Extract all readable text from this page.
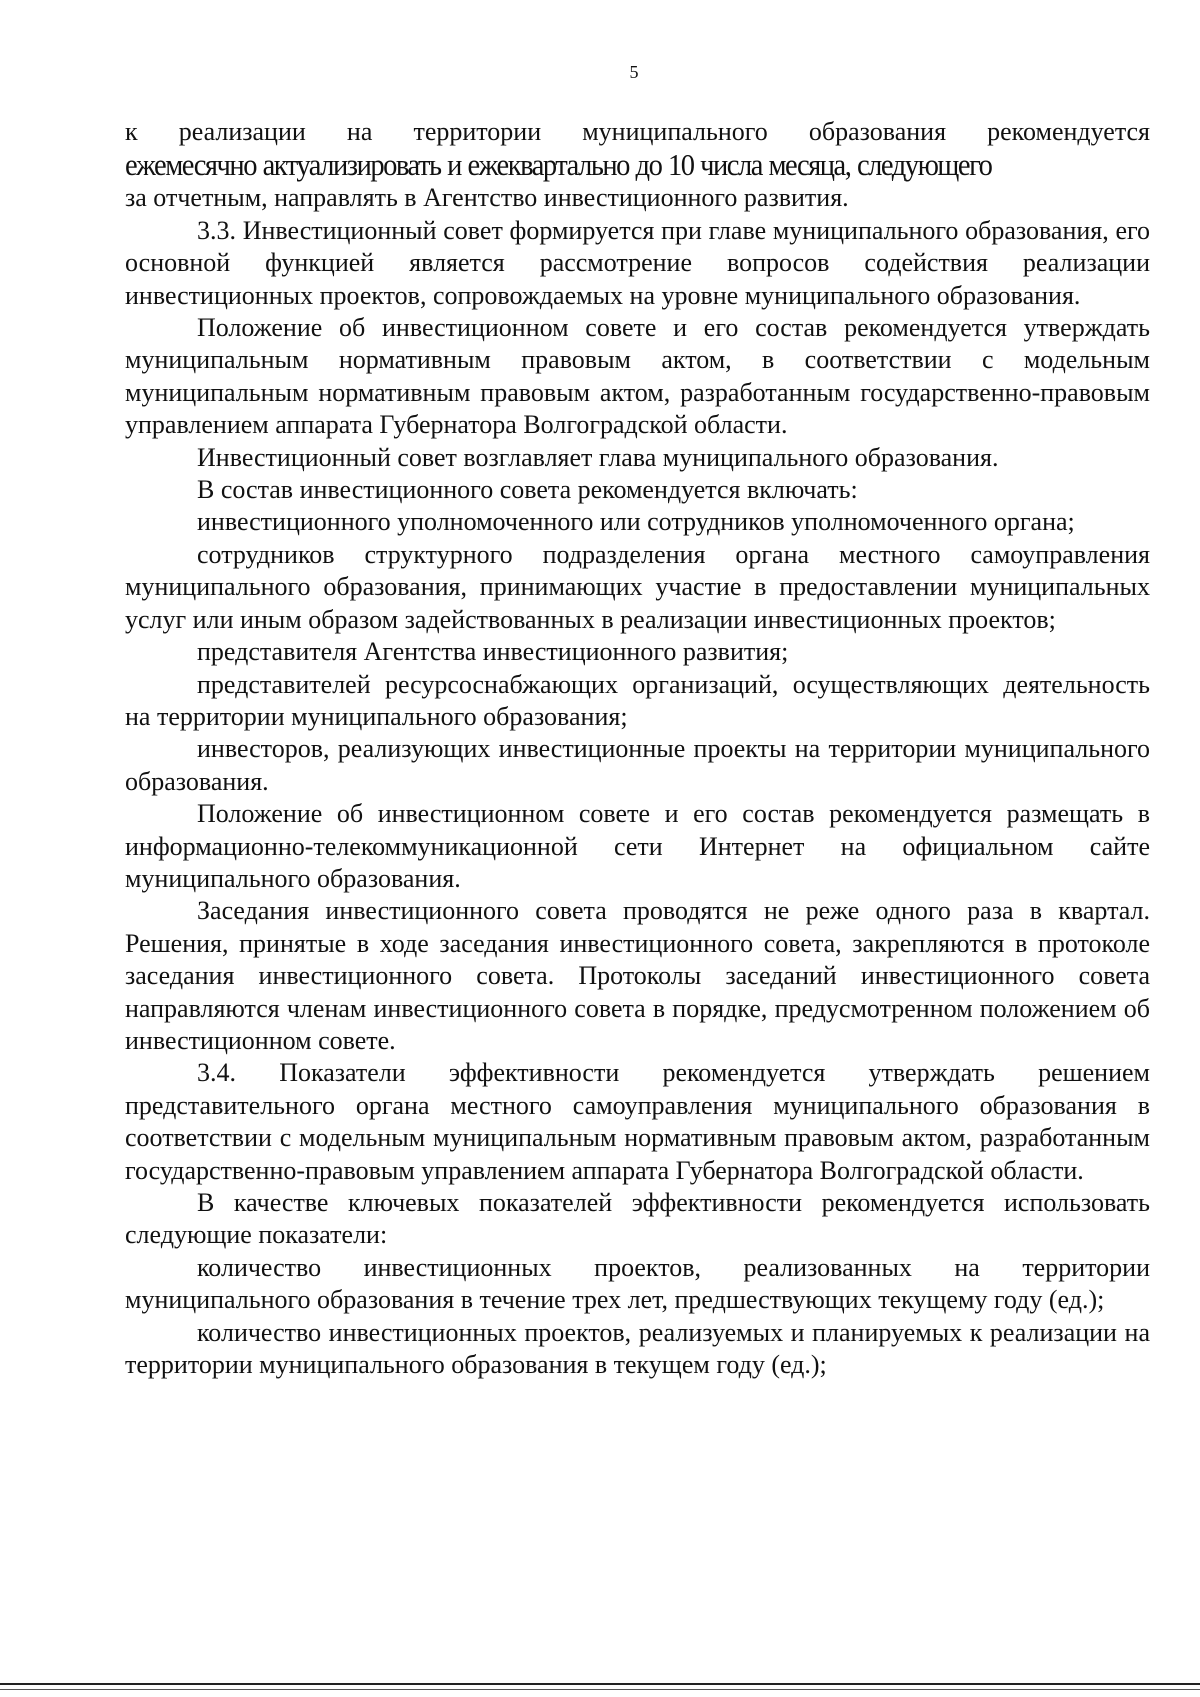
5

к реализации на территории муниципального образования рекомендуется

ежемесячно актуализировать и ежеквартально до 10 числа месяца, следующего

за отчетным, направлять в Агентство инвестиционного развития.

3.3. Инвестиционный совет формируется при главе муниципального образования, его основной функцией является рассмотрение вопросов содействия реализации инвестиционных проектов, сопровождаемых на уровне муниципального образования.

Положение об инвестиционном совете и его состав рекомендуется утверждать муниципальным нормативным правовым актом, в соответствии с модельным муниципальным нормативным правовым актом, разработанным государственно-правовым управлением аппарата Губернатора Волгоградской области.

Инвестиционный совет возглавляет глава муниципального образования.

В состав инвестиционного совета рекомендуется включать:

инвестиционного уполномоченного или сотрудников уполномоченного органа;

сотрудников структурного подразделения органа местного самоуправления муниципального образования, принимающих участие в предоставлении муниципальных услуг или иным образом задействованных в реализации инвестиционных проектов;

представителя Агентства инвестиционного развития;

представителей ресурсоснабжающих организаций, осуществляющих деятельность на территории муниципального образования;

инвесторов, реализующих инвестиционные проекты на территории муниципального образования.

Положение об инвестиционном совете и его состав рекомендуется размещать в информационно-телекоммуникационной сети Интернет на официальном сайте муниципального образования.

Заседания инвестиционного совета проводятся не реже одного раза в квартал. Решения, принятые в ходе заседания инвестиционного совета, закрепляются в протоколе заседания инвестиционного совета. Протоколы заседаний инвестиционного совета направляются членам инвестиционного совета в порядке, предусмотренном положением об инвестиционном совете.

3.4. Показатели эффективности рекомендуется утверждать решением представительного органа местного самоуправления муниципального образования в соответствии с модельным муниципальным нормативным правовым актом, разработанным государственно-правовым управлением аппарата Губернатора Волгоградской области.

В качестве ключевых показателей эффективности рекомендуется использовать следующие показатели:

количество инвестиционных проектов, реализованных на территории муниципального образования в течение трех лет, предшествующих текущему году (ед.);

количество инвестиционных проектов, реализуемых и планируемых к реализации на территории муниципального образования в текущем году (ед.);
